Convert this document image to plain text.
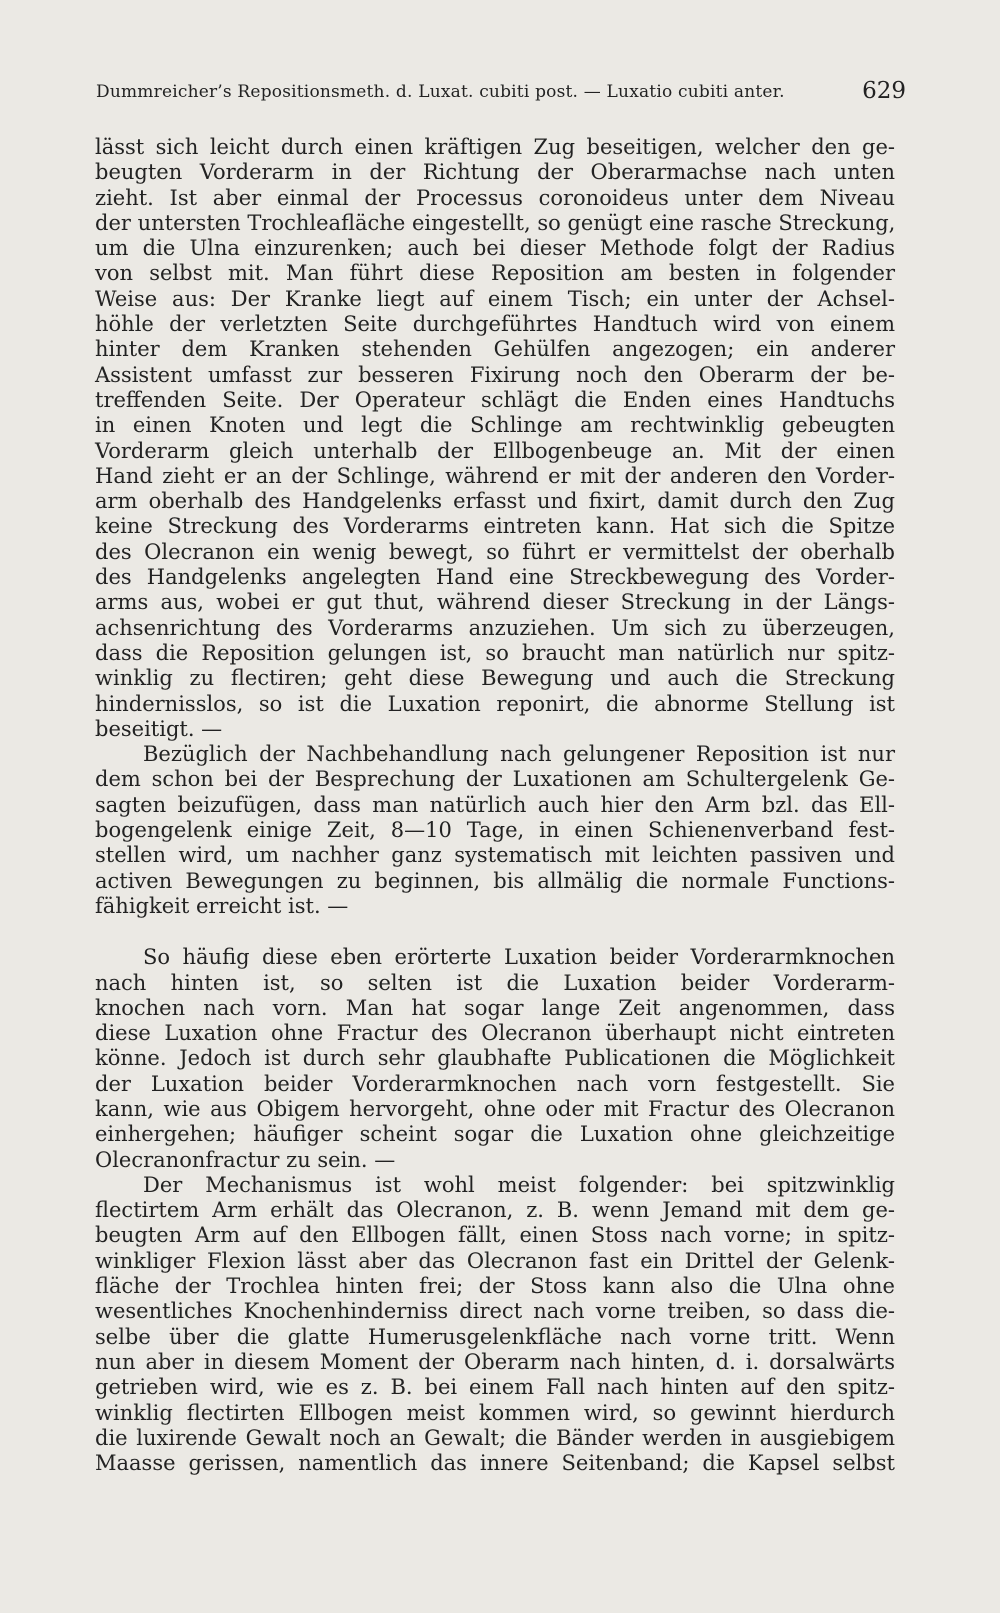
Dummreicher’s Repositionsmeth. d. Luxat. cubiti post. — Luxatio cubiti anter.	629
lässt sich leicht durch einen kräftigen Zug beseitigen, welcher den ge-
beugten Vorderarm in der Richtung der Oberarmachse nach unten
zieht. Ist aber einmal der Processus coronoideus unter dem Niveau
der untersten Trochleafläche eingestellt, so genügt eine rasche Streckung,
um die Ulna einzurenken; auch bei dieser Methode folgt der Radius
von selbst mit. Man führt diese Reposition am besten in folgender
Weise aus: Der Kranke liegt auf einem Tisch; ein unter der Achsel-
höhle der verletzten Seite durchgeführtes Handtuch wird von einem
hinter dem Kranken stehenden Gehülfen angezogen; ein anderer
Assistent umfasst zur besseren Fixirung noch den Oberarm der be-
treffenden Seite. Der Operateur schlägt die Enden eines Handtuchs
in einen Knoten und legt die Schlinge am rechtwinklig gebeugten
Vorderarm gleich unterhalb der Ellbogenbeuge an. Mit der einen
Hand zieht er an der Schlinge, während er mit der anderen den Vorder-
arm oberhalb des Handgelenks erfasst und fixirt, damit durch den Zug
keine Streckung des Vorderarms eintreten kann. Hat sich die Spitze
des Olecranon ein wenig bewegt, so führt er vermittelst der oberhalb
des Handgelenks angelegten Hand eine Streckbewegung des Vorder-
arms aus, wobei er gut thut, während dieser Streckung in der Längs-
achsenrichtung des Vorderarms anzuziehen. Um sich zu überzeugen,
dass die Reposition gelungen ist, so braucht man natürlich nur spitz-
winklig zu flectiren; geht diese Bewegung und auch die Streckung
hindernisslos, so ist die Luxation reponirt, die abnorme Stellung ist
beseitigt. —
Bezüglich der Nachbehandlung nach gelungener Reposition ist nur
dem schon bei der Besprechung der Luxationen am Schultergelenk Ge-
sagten beizufügen, dass man natürlich auch hier den Arm bzl. das Ell-
bogengelenk einige Zeit, 8—10 Tage, in einen Schienenverband fest-
stellen wird, um nachher ganz systematisch mit leichten passiven und
activen Bewegungen zu beginnen, bis allmälig die normale Functions-
fähigkeit erreicht ist. —
So häufig diese eben erörterte Luxation beider Vorderarmknochen
nach hinten ist, so selten ist die Luxation beider Vorderarm-
knochen nach vorn. Man hat sogar lange Zeit angenommen, dass
diese Luxation ohne Fractur des Olecranon überhaupt nicht eintreten
könne. Jedoch ist durch sehr glaubhafte Publicationen die Möglichkeit
der Luxation beider Vorderarmknochen nach vorn festgestellt. Sie
kann, wie aus Obigem hervorgeht, ohne oder mit Fractur des Olecranon
einhergehen; häufiger scheint sogar die Luxation ohne gleichzeitige
Olecranonfractur zu sein. —
Der Mechanismus ist wohl meist folgender: bei spitzwinklig
flectirtem Arm erhält das Olecranon, z. B. wenn Jemand mit dem ge-
beugten Arm auf den Ellbogen fällt, einen Stoss nach vorne; in spitz-
winkliger Flexion lässt aber das Olecranon fast ein Drittel der Gelenk-
fläche der Trochlea hinten frei; der Stoss kann also die Ulna ohne
wesentliches Knochenhinderniss direct nach vorne treiben, so dass die-
selbe über die glatte Humerusgelenkfläche nach vorne tritt. Wenn
nun aber in diesem Moment der Oberarm nach hinten, d. i. dorsalwärts
getrieben wird, wie es z. B. bei einem Fall nach hinten auf den spitz-
winklig flectirten Ellbogen meist kommen wird, so gewinnt hierdurch
die luxirende Gewalt noch an Gewalt; die Bänder werden in ausgiebigem
Maasse gerissen, namentlich das innere Seitenband; die Kapsel selbst
